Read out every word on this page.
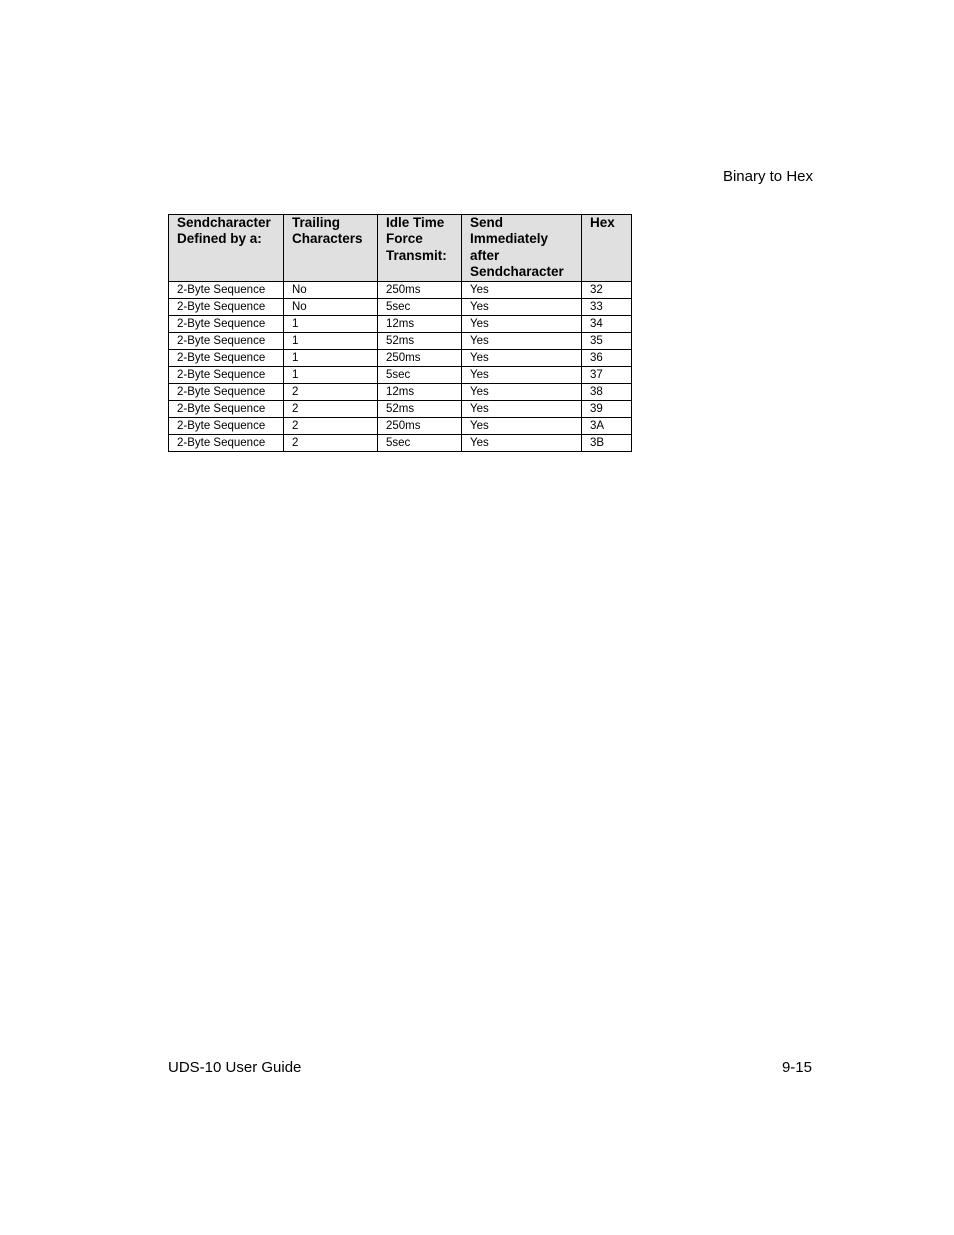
Binary to Hex
Sendcharacter Defined by a:	Trailing Characters	Idle Time Force Transmit:	Send Immediately after Sendcharacter	Hex
2-Byte Sequence	No	250ms	Yes	32
2-Byte Sequence	No	5sec	Yes	33
2-Byte Sequence	1	12ms	Yes	34
2-Byte Sequence	1	52ms	Yes	35
2-Byte Sequence	1	250ms	Yes	36
2-Byte Sequence	1	5sec	Yes	37
2-Byte Sequence	2	12ms	Yes	38
2-Byte Sequence	2	52ms	Yes	39
2-Byte Sequence	2	250ms	Yes	3A
2-Byte Sequence	2	5sec	Yes	3B
UDS-10 User Guide	9-15
